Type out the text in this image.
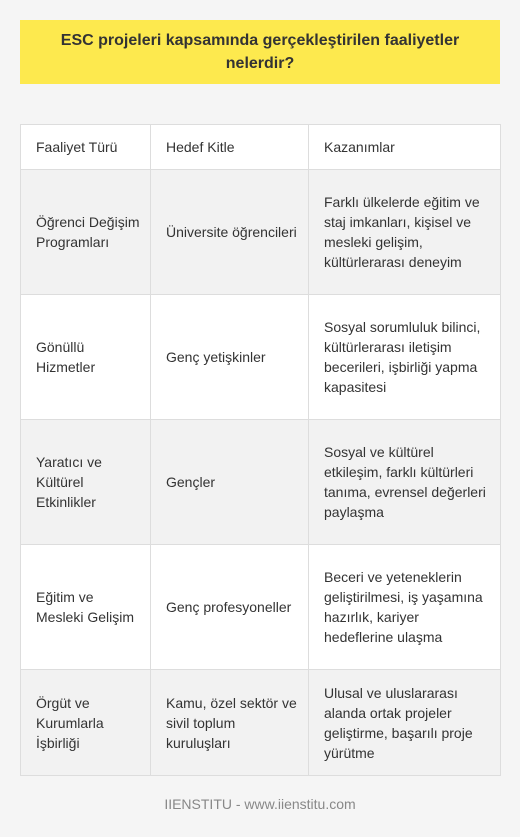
ESC projeleri kapsamında gerçekleştirilen faaliyetler nelerdir?
Faaliyet Türü	Hedef Kitle	Kazanımlar
Öğrenci Değişim Programları	Üniversite öğrencileri	Farklı ülkelerde eğitim ve staj imkanları, kişisel ve mesleki gelişim, kültürlerarası deneyim
Gönüllü Hizmetler	Genç yetişkinler	Sosyal sorumluluk bilinci, kültürlerarası iletişim becerileri, işbirliği yapma kapasitesi
Yaratıcı ve Kültürel Etkinlikler	Gençler	Sosyal ve kültürel etkileşim, farklı kültürleri tanıma, evrensel değerleri paylaşma
Eğitim ve Mesleki Gelişim	Genç profesyoneller	Beceri ve yeteneklerin geliştirilmesi, iş yaşamına hazırlık, kariyer hedeflerine ulaşma
Örgüt ve Kurumlarla İşbirliği	Kamu, özel sektör ve sivil toplum kuruluşları	Ulusal ve uluslararası alanda ortak projeler geliştirme, başarılı proje yürütme
IIENSTITU - www.iienstitu.com
